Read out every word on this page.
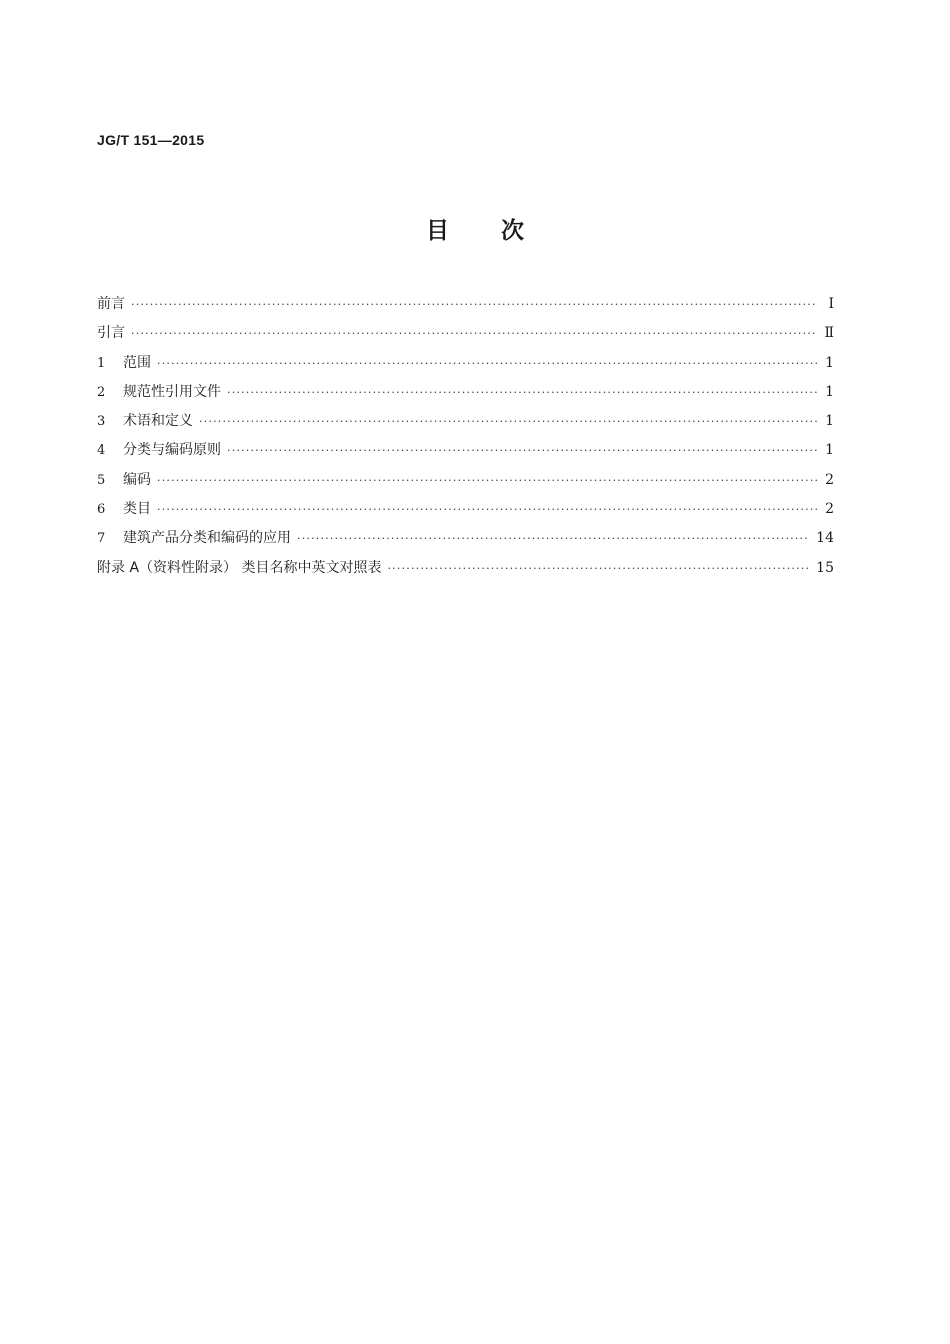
JG/T 151—2015
目次
前言 ·····	Ⅰ
引言 ·····	Ⅱ
1	范围 ·····	1
2	规范性引用文件 ·····	1
3	术语和定义 ·····	1
4	分类与编码原则 ·····	1
5	编码 ·····	2
6	类目 ·····	2
7	建筑产品分类和编码的应用 ·····	14
附录 A（资料性附录） 类目名称中英文对照表 ·····	15
